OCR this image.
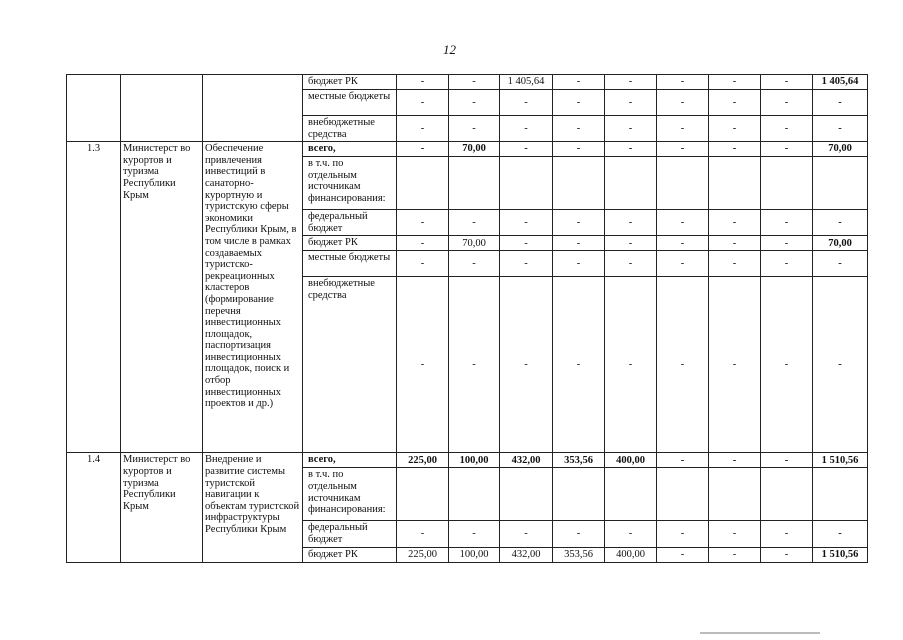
12
			бюджет РК	-	-	1 405,64	-	-	-	-	-	1 405,64
			местные бюджеты	-	-	-	-	-	-	-	-	-
			внебюджетные средства	-	-	-	-	-	-	-	-	-
1.3	Министерст во курортов и туризма Республики Крым	Обеспечение привлечения инвестиций в санаторно-курортную и туристскую сферы экономики Республики Крым, в том числе в рамках создаваемых туристско-рекреационных кластеров (формирование перечня инвестиционных площадок, паспортизация инвестиционных площадок, поиск и отбор инвестиционных проектов и др.)	всего,	-	70,00	-	-	-	-	-	-	70,00
			в т.ч. по отдельным источникам финансирования:									
			федеральный бюджет	-	-	-	-	-	-	-	-	-
			бюджет РК	-	70,00	-	-	-	-	-	-	70,00
			местные бюджеты	-	-	-	-	-	-	-	-	-
			внебюджетные средства	-	-	-	-	-	-	-	-	-
1.4	Министерст во курортов и туризма Республики Крым	Внедрение и развитие системы туристской навигации к объектам туристской инфраструктуры Республики Крым	всего,	225,00	100,00	432,00	353,56	400,00	-	-	-	1 510,56
			в т.ч. по отдельным источникам финансирования:									
			федеральный бюджет	-	-	-	-	-	-	-	-	-
			бюджет РК	225,00	100,00	432,00	353,56	400,00	-	-	-	1 510,56
